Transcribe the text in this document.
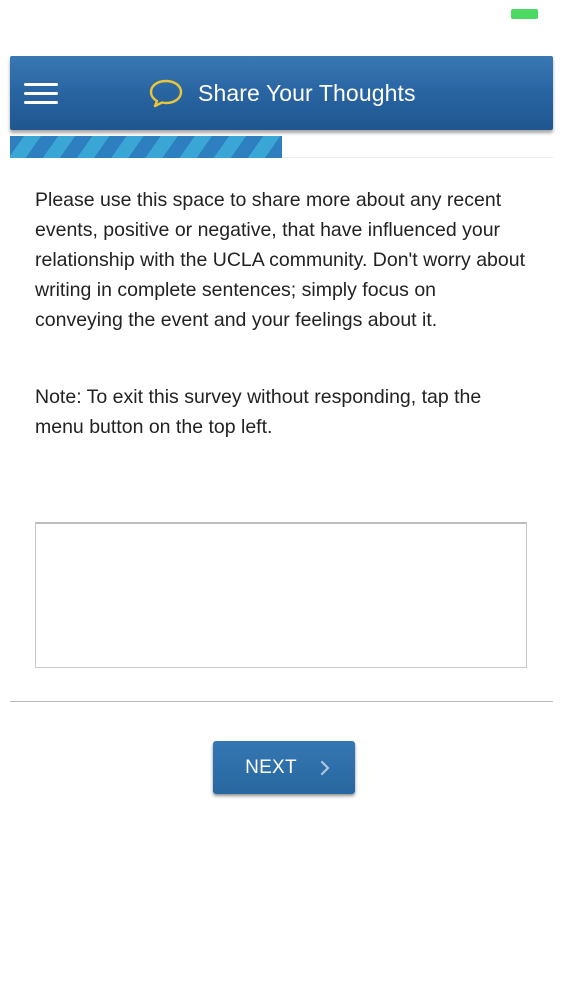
Share Your Thoughts

Please use this space to share more about any recent events, positive or negative, that have influenced your relationship with the UCLA community. Don't worry about writing in complete sentences; simply focus on conveying the event and your feelings about it.

Note: To exit this survey without responding, tap the menu button on the top left.

NEXT
